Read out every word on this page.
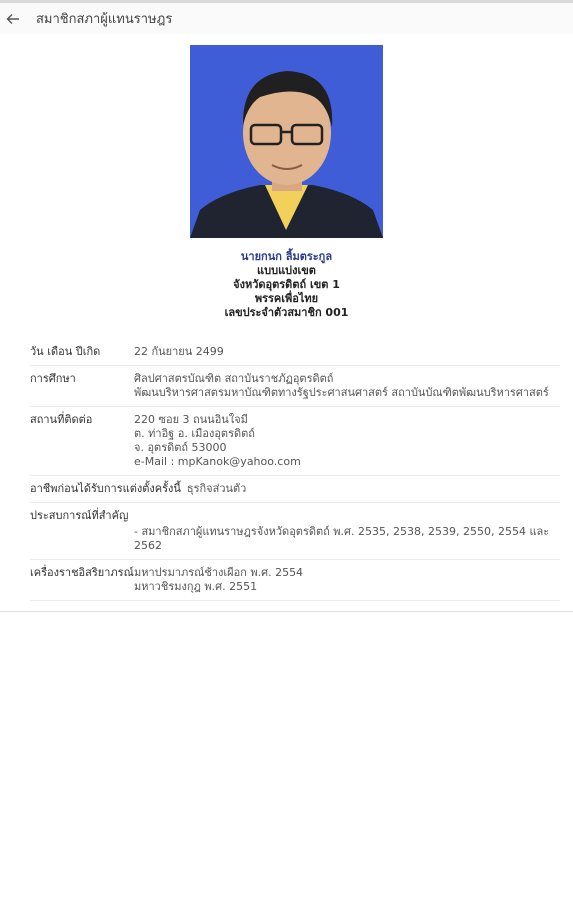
สมาชิกสภาผู้แทนราษฎร
นายกนก ลิ้มตระกูล
แบบแบ่งเขต
จังหวัดอุตรดิตถ์ เขต 1
พรรคเพื่อไทย
เลขประจำตัวสมาชิก 001
วัน เดือน ปีเกิด	22 กันยายน 2499
การศึกษา	ศิลปศาสตรบัณฑิต สถาบันราชภัฏอุตรดิตถ์
พัฒนบริหารศาสตรมหาบัณฑิตทางรัฐประศาสนศาสตร์ สถาบันบัณฑิตพัฒนบริหารศาสตร์
สถานที่ติดต่อ	220 ซอย 3 ถนนอินใจมี
ต. ท่าอิฐ อ. เมืองอุตรดิตถ์
จ. อุตรดิตถ์ 53000
e-Mail : mpKanok@yahoo.com
อาชีพก่อนได้รับการแต่งตั้งครั้งนี้ ธุรกิจส่วนตัว
ประสบการณ์ที่สำคัญ
- สมาชิกสภาผู้แทนราษฎรจังหวัดอุตรดิตถ์ พ.ศ. 2535, 2538, 2539, 2550, 2554 และ
2562
เครื่องราชอิสริยาภรณ์ มหาปรมาภรณ์ช้างเผือก พ.ศ. 2554
มหาวชิรมงกุฎ พ.ศ. 2551
